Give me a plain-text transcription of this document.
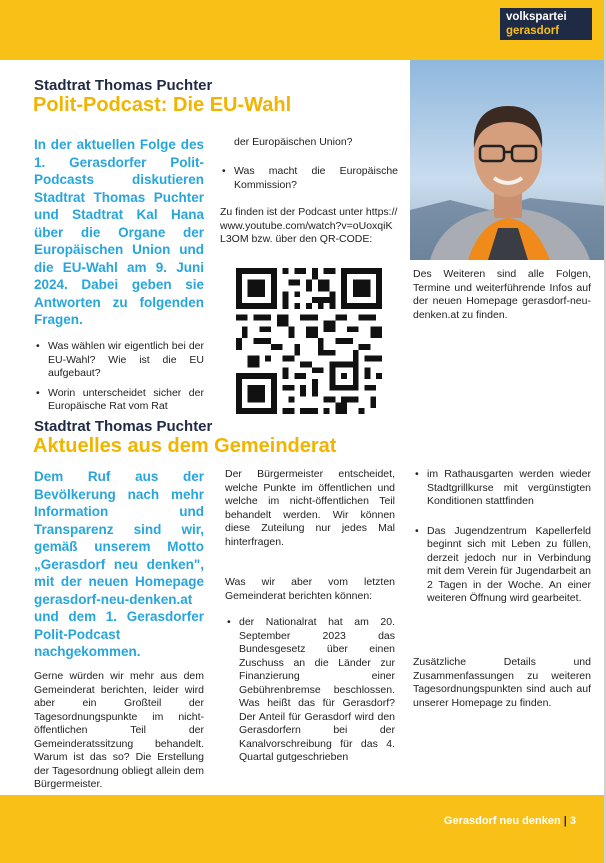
volkspartei
gerasdorf
Stadtrat Thomas Puchter
Polit-Podcast: Die EU-Wahl

In der aktuellen Folge des 1. Gerasdorfer Polit-Podcasts diskutieren Stadtrat Thomas Puchter und Stadtrat Kal Hana über die Organe der Europäischen Union und die EU-Wahl am 9. Juni 2024. Dabei geben sie Antworten zu folgenden Fragen.

• Was wählen wir eigentlich bei der EU-Wahl? Wie ist die EU aufgebaut?
• Worin unterscheidet sicher der Europäische Rat vom Rat
der Europäischen Union?
• Was macht die Europäische Kommission?

Zu finden ist der Podcast unter https://www.youtube.com/watch?v=oUoxqiKL3OM bzw. über den QR-CODE:

Des Weiteren sind alle Folgen, Termine und weiterführende Infos auf der neuen Homepage gerasdorf-neu-denken.at zu finden.

Stadtrat Thomas Puchter
Aktuelles aus dem Gemeinderat

Dem Ruf aus der Bevölkerung nach mehr Information und Transparenz sind wir, gemäß unserem Motto „Gerasdorf neu denken", mit der neuen Homepage gerasdorf-neu-denken.at und dem 1. Gerasdorfer Polit-Podcast nachgekommen.

Gerne würden wir mehr aus dem Gemeinderat berichten, leider wird aber ein Großteil der Tagesordnungspunkte im nicht-öffentlichen Teil der Gemeinderatssitzung behandelt. Warum ist das so? Die Erstellung der Tagesordnung obliegt allein dem Bürgermeister.

Der Bürgermeister entscheidet, welche Punkte im öffentlichen und welche im nicht-öffentlichen Teil behandelt werden. Wir können diese Zuteilung nur jedes Mal hinterfragen.

Was wir aber vom letzten Gemeinderat berichten können:

• der Nationalrat hat am 20. September 2023 das Bundesgesetz über einen Zuschuss an die Länder zur Finanzierung einer Gebührenbremse beschlossen. Was heißt das für Gerasdorf? Der Anteil für Gerasdorf wird den Gerasdorfern bei der Kanalvorschreibung für das 4. Quartal gutgeschrieben
• im Rathausgarten werden wieder Stadtgrillkurse mit vergünstigten Konditionen stattfinden
• Das Jugendzentrum Kapellerfeld beginnt sich mit Leben zu füllen, derzeit jedoch nur in Verbindung mit dem Verein für Jugendarbeit an 2 Tagen in der Woche. An einer weiteren Öffnung wird gearbeitet.

Zusätzliche Details und Zusammenfassungen zu weiteren Tagesordnungspunkten sind auch auf unserer Homepage zu finden.

Gerasdorf neu denken | 3
